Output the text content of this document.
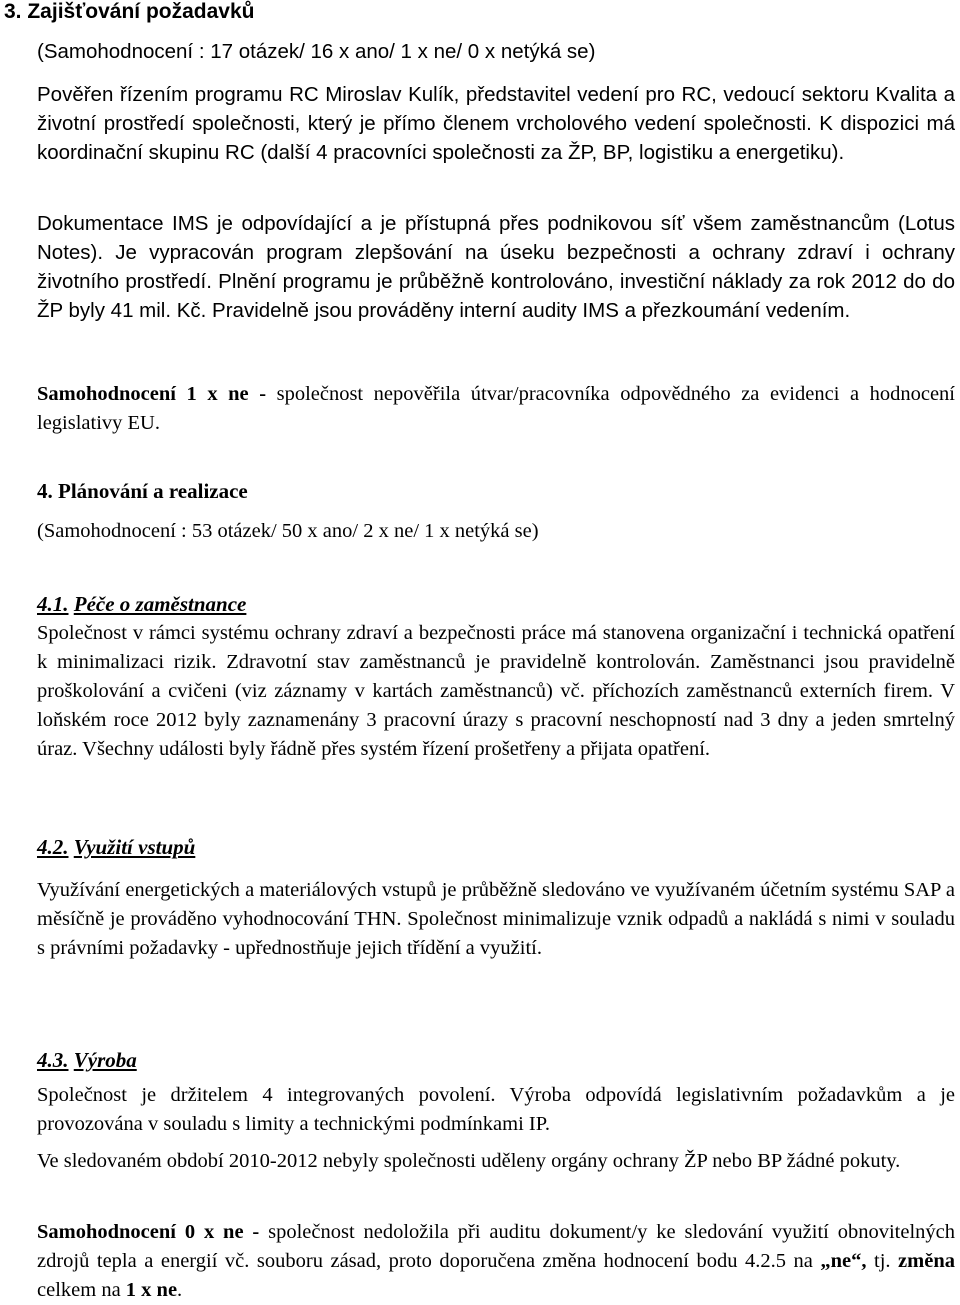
3. Zajišťování požadavků
(Samohodnocení : 17 otázek/ 16 x ano/ 1 x ne/ 0 x netýká se)

Pověřen řízením programu RC Miroslav Kulík, představitel vedení pro RC, vedoucí sektoru Kvalita a životní prostředí společnosti, který je přímo členem vrcholového vedení společnosti. K dispozici má koordinační skupinu RC (další 4 pracovníci společnosti za ŽP, BP, logistiku a energetiku).

Dokumentace IMS je odpovídající a je přístupná přes podnikovou síť všem zaměstnancům (Lotus Notes). Je vypracován program zlepšování na úseku bezpečnosti a ochrany zdraví i ochrany životního prostředí. Plnění programu je průběžně kontrolováno, investiční náklady za rok 2012 do do ŽP byly 41 mil. Kč. Pravidelně jsou prováděny interní audity IMS a přezkoumání vedením.

Samohodnocení 1 x ne - společnost nepověřila útvar/pracovníka odpovědného za evidenci a hodnocení legislativy EU.

4. Plánování a realizace
(Samohodnocení : 53 otázek/ 50 x ano/ 2 x ne/ 1 x netýká se)
4.1. Péče o zaměstnance

Společnost v rámci systému ochrany zdraví a bezpečnosti práce má stanovena organizační i technická opatření k minimalizaci rizik. Zdravotní stav zaměstnanců je pravidelně kontrolován. Zaměstnanci jsou pravidelně proškolování a cvičeni (viz záznamy v kartách zaměstnanců) vč. příchozích zaměstnanců externích firem. V loňském roce 2012 byly zaznamenány 3 pracovní úrazy s pracovní neschopností nad 3 dny a jeden smrtelný úraz. Všechny události byly řádně přes systém řízení prošetřeny a přijata opatření.

4.2. Využití vstupů

Využívání energetických a materiálových vstupů je průběžně sledováno ve využívaném účetním systému SAP a měsíčně je prováděno vyhodnocování THN. Společnost minimalizuje vznik odpadů a nakládá s nimi v souladu s právními požadavky - upřednostňuje jejich třídění a využití.

4.3. Výroba

Společnost je držitelem 4 integrovaných povolení. Výroba odpovídá legislativním požadavkům a je provozována v souladu s limity a technickými podmínkami IP.

Ve sledovaném období 2010-2012 nebyly společnosti uděleny orgány ochrany ŽP nebo BP žádné pokuty.

Samohodnocení 0 x ne - společnost nedoložila při auditu dokument/y ke sledování využití obnovitelných zdrojů tepla a energií vč. souboru zásad, proto doporučena změna hodnocení bodu 4.2.5 na „ne“, tj. změna celkem na 1 x ne.
